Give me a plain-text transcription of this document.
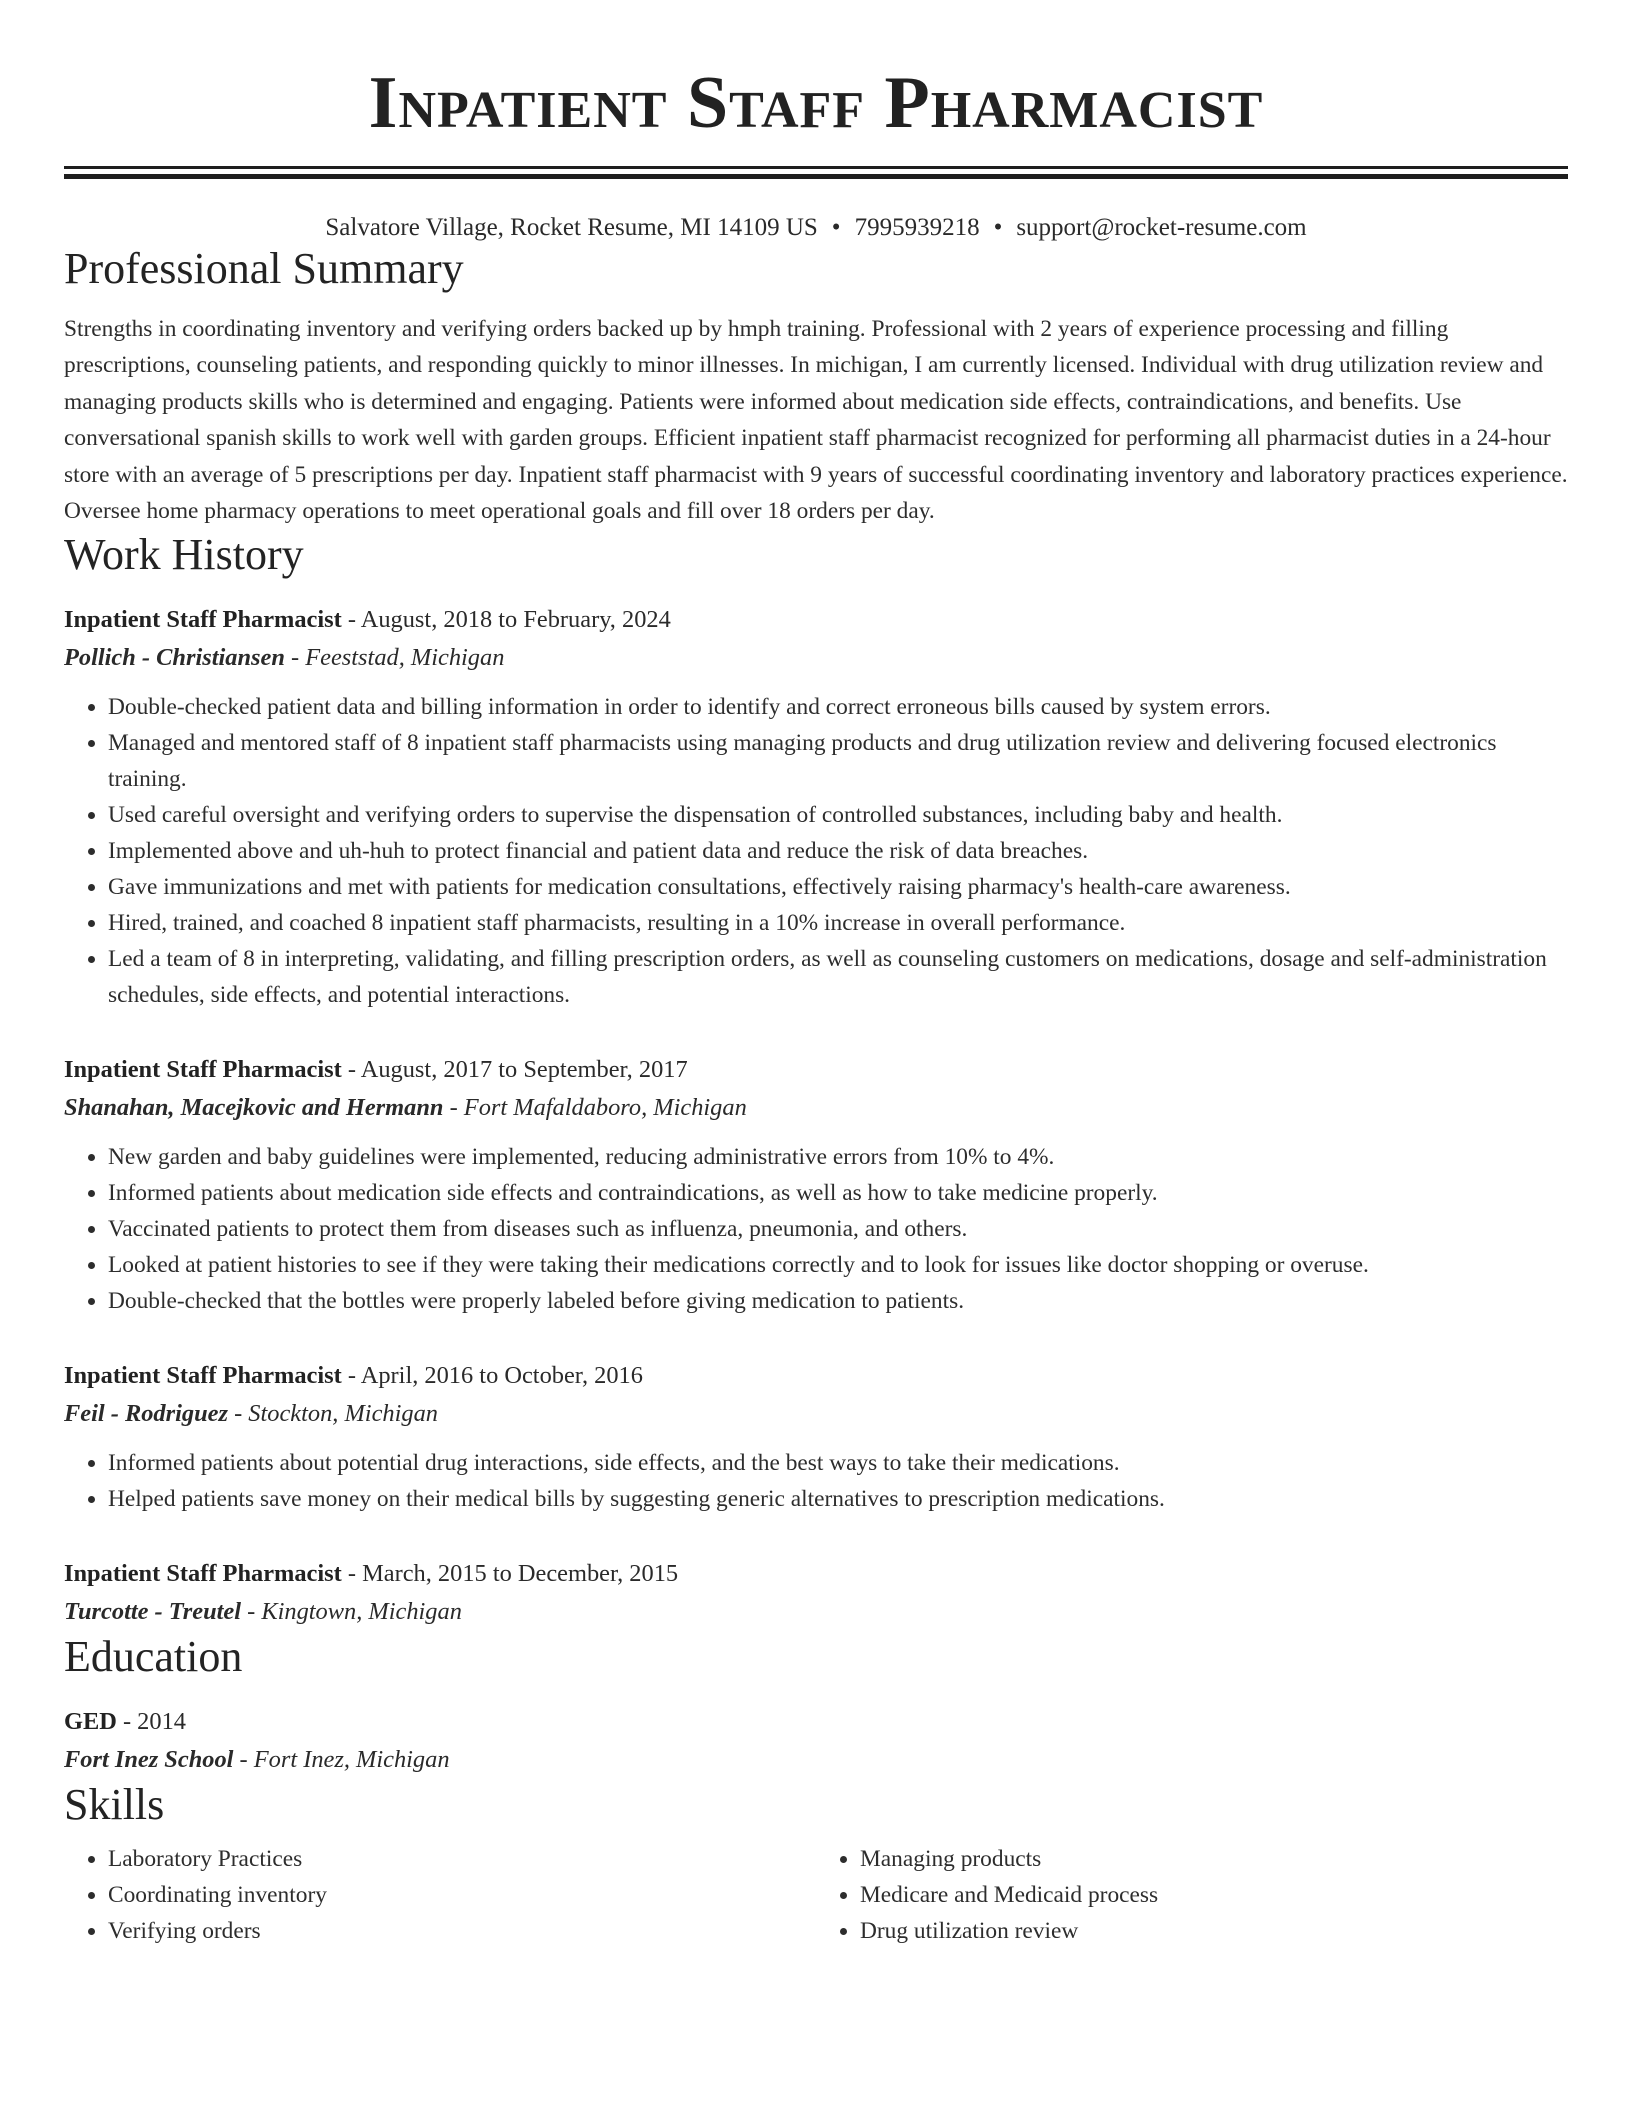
Inpatient Staff Pharmacist
Salvatore Village, Rocket Resume, MI 14109 US • 7995939218 • support@rocket-resume.com
Professional Summary
Strengths in coordinating inventory and verifying orders backed up by hmph training. Professional with 2 years of experience processing and filling prescriptions, counseling patients, and responding quickly to minor illnesses. In michigan, I am currently licensed. Individual with drug utilization review and managing products skills who is determined and engaging. Patients were informed about medication side effects, contraindications, and benefits. Use conversational spanish skills to work well with garden groups. Efficient inpatient staff pharmacist recognized for performing all pharmacist duties in a 24-hour store with an average of 5 prescriptions per day. Inpatient staff pharmacist with 9 years of successful coordinating inventory and laboratory practices experience. Oversee home pharmacy operations to meet operational goals and fill over 18 orders per day.
Work History
Inpatient Staff Pharmacist - August, 2018 to February, 2024
Pollich - Christiansen - Feeststad, Michigan
• Double-checked patient data and billing information in order to identify and correct erroneous bills caused by system errors.
• Managed and mentored staff of 8 inpatient staff pharmacists using managing products and drug utilization review and delivering focused electronics training.
• Used careful oversight and verifying orders to supervise the dispensation of controlled substances, including baby and health.
• Implemented above and uh-huh to protect financial and patient data and reduce the risk of data breaches.
• Gave immunizations and met with patients for medication consultations, effectively raising pharmacy's health-care awareness.
• Hired, trained, and coached 8 inpatient staff pharmacists, resulting in a 10% increase in overall performance.
• Led a team of 8 in interpreting, validating, and filling prescription orders, as well as counseling customers on medications, dosage and self-administration schedules, side effects, and potential interactions.
Inpatient Staff Pharmacist - August, 2017 to September, 2017
Shanahan, Macejkovic and Hermann - Fort Mafaldaboro, Michigan
• New garden and baby guidelines were implemented, reducing administrative errors from 10% to 4%.
• Informed patients about medication side effects and contraindications, as well as how to take medicine properly.
• Vaccinated patients to protect them from diseases such as influenza, pneumonia, and others.
• Looked at patient histories to see if they were taking their medications correctly and to look for issues like doctor shopping or overuse.
• Double-checked that the bottles were properly labeled before giving medication to patients.
Inpatient Staff Pharmacist - April, 2016 to October, 2016
Feil - Rodriguez - Stockton, Michigan
• Informed patients about potential drug interactions, side effects, and the best ways to take their medications.
• Helped patients save money on their medical bills by suggesting generic alternatives to prescription medications.
Inpatient Staff Pharmacist - March, 2015 to December, 2015
Turcotte - Treutel - Kingtown, Michigan
Education
GED - 2014
Fort Inez School - Fort Inez, Michigan
Skills
• Laboratory Practices
• Coordinating inventory
• Verifying orders
• Managing products
• Medicare and Medicaid process
• Drug utilization review
